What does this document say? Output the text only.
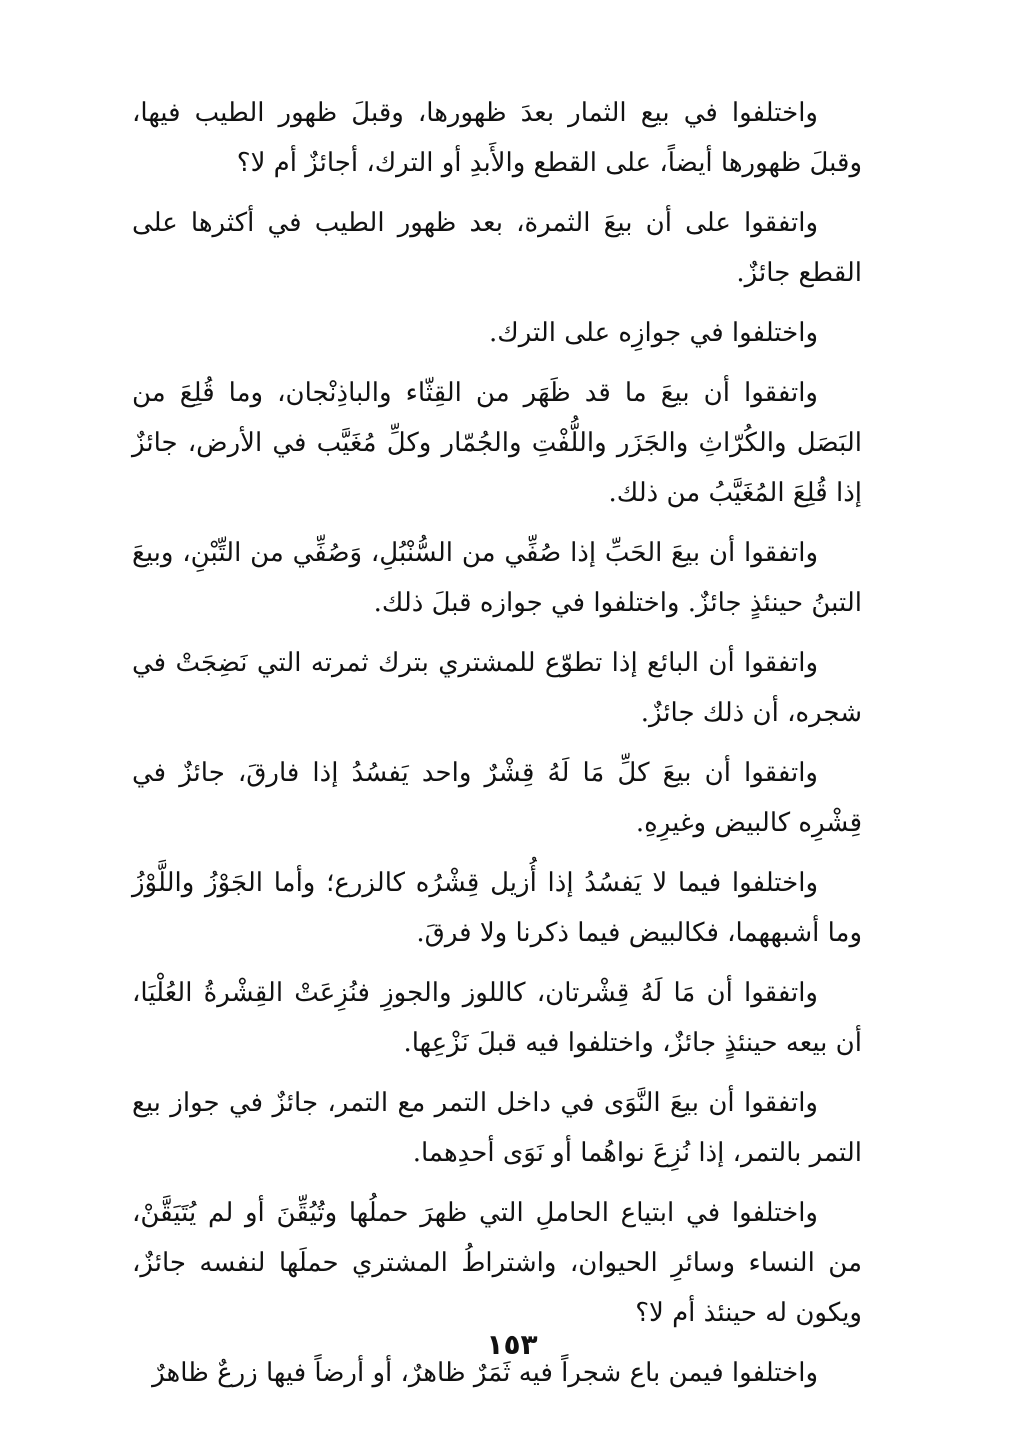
واختلفوا في بيع الثمار بعدَ ظهورها، وقبلَ ظهور الطيب فيها، وقبلَ ظهورها أيضاً، على القطع والأَبدِ أو الترك، أجائزٌ أم لا؟

واتفقوا على أن بيعَ الثمرة، بعد ظهور الطيب في أكثرها على القطع جائزٌ.

واختلفوا في جوازِه على الترك.

واتفقوا أن بيعَ ما قد ظَهَر من القِثّاء والباذِنْجان، وما قُلِعَ من البَصَل والكُرّاثِ والجَزَر واللُّفْتِ والجُمّار وكلِّ مُغَيَّب في الأرض، جائزٌ إذا قُلِعَ المُغَيَّبُ من ذلك.

واتفقوا أن بيعَ الحَبِّ إذا صُفِّي من السُّنْبُلِ، وَصُفِّي من التِّبْنِ، وبيعَ التبنُ حينئذٍ جائزٌ. واختلفوا في جوازه قبلَ ذلك.

واتفقوا أن البائع إذا تطوّع للمشتري بترك ثمرته التي نَضِجَتْ في شجره، أن ذلك جائزٌ.

واتفقوا أن بيعَ كلِّ مَا لَهُ قِشْرٌ واحد يَفسُدُ إذا فارقَ، جائزٌ في قِشْرِه كالبيض وغيرِهِ.

واختلفوا فيما لا يَفسُدُ إذا أُزيل قِشْرُه كالزرع؛ وأما الجَوْزُ واللَّوْزُ وما أشبههما، فكالبيض فيما ذكرنا ولا فرقَ.

واتفقوا أن مَا لَهُ قِشْرتان، كاللوز والجوزِ فنُزِعَتْ القِشْرةُ العُلْيَا، أن بيعه حينئذٍ جائزٌ، واختلفوا فيه قبلَ نَزْعِها.

واتفقوا أن بيعَ النَّوَى في داخل التمر مع التمر، جائزٌ في جواز بيع التمر بالتمر، إذا نُزِعَ نواهُما أو نَوَى أحدِهما.

واختلفوا في ابتياع الحاملِ التي ظهرَ حملُها وتُيُقِّنَ أو لم يُتَيَقَّنْ، من النساء وسائرِ الحيوان، واشتراطُ المشتري حملَها لنفسه جائزٌ، ويكون له حينئذ أم لا؟

واختلفوا فيمن باع شجراً فيه ثَمَرٌ ظاهرٌ، أو أرضاً فيها زرعٌ ظاهرٌ

١٥٣
